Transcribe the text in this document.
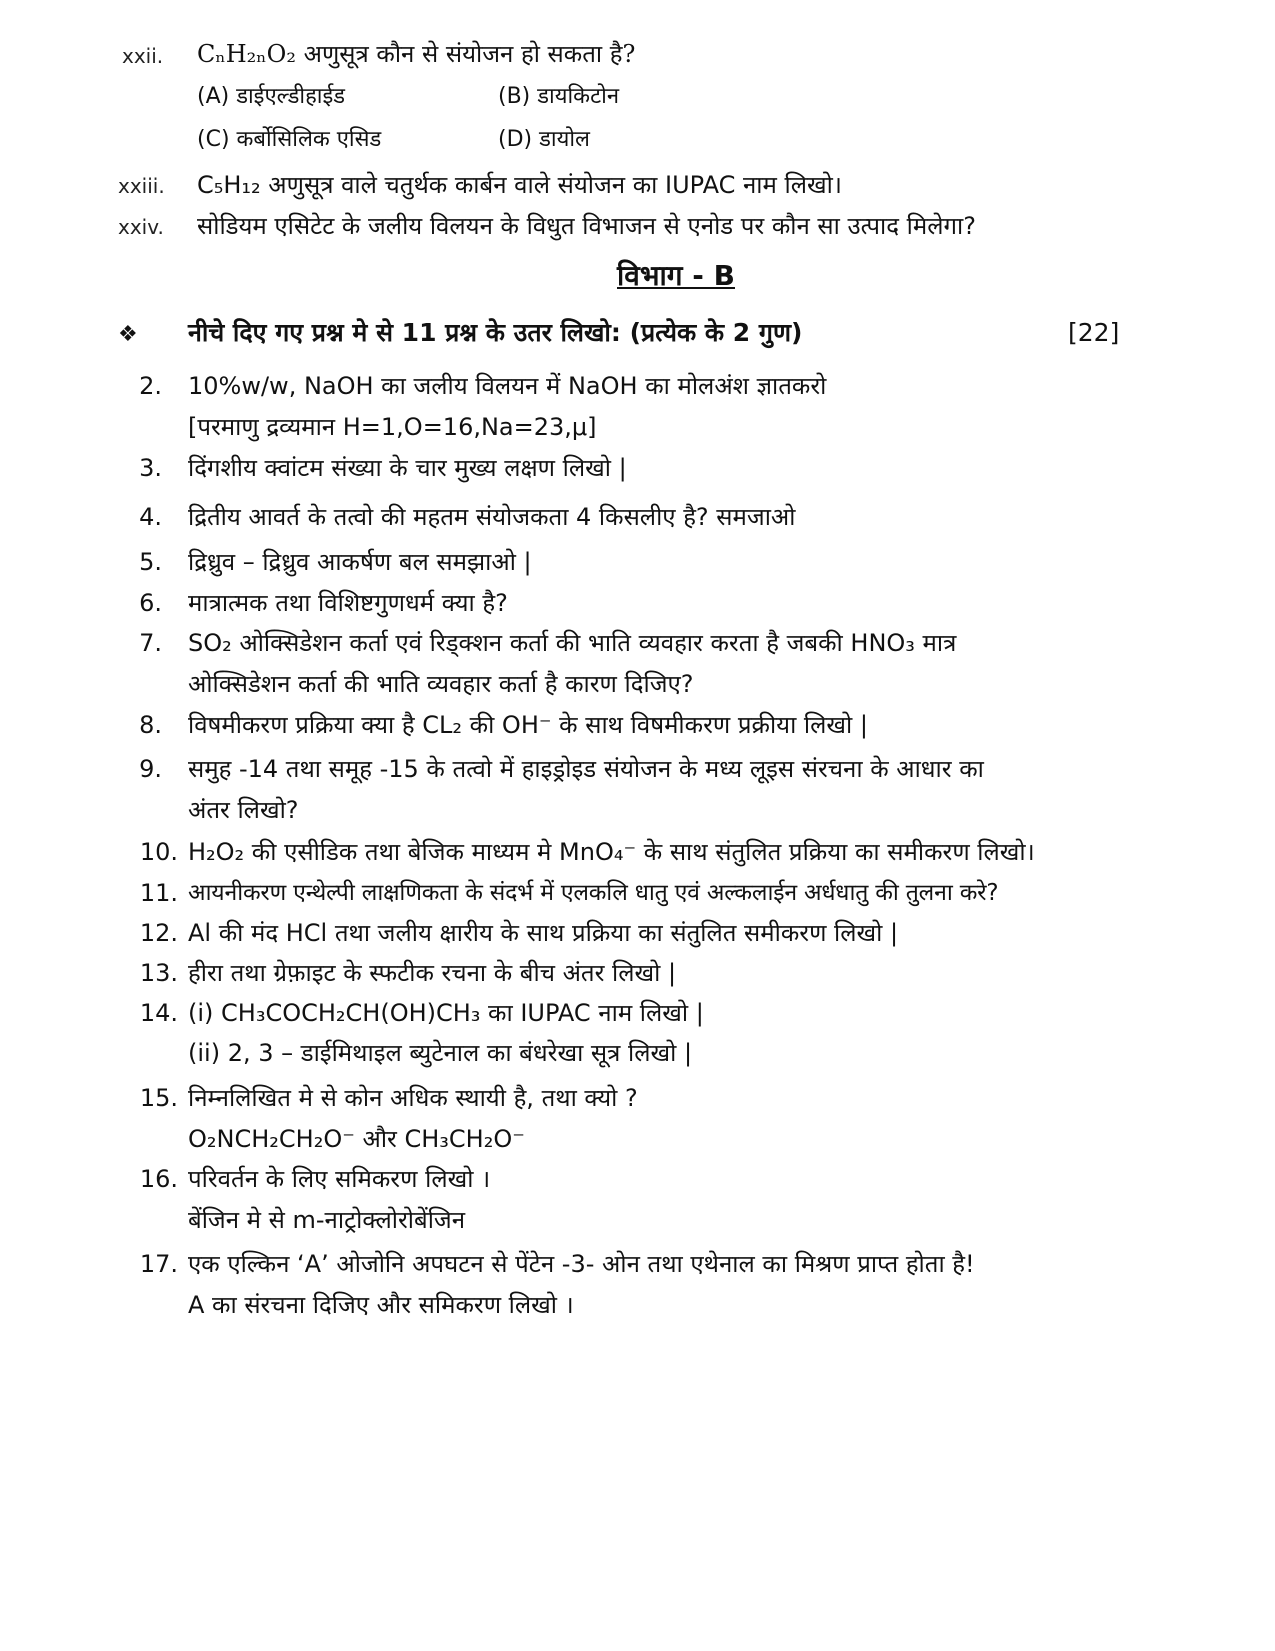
xxii. CₙH₂ₙO₂ अणुसूत्र कौन से संयोजन हो सकता है?
(A) डाईएल्डीहाईड	(B) डायकिटोन
(C) कर्बोसिलिक एसिड	(D) डायोल
xxiii. C₅H₁₂ अणुसूत्र वाले चतुर्थक कार्बन वाले संयोजन का IUPAC नाम लिखो।
xxiv. सोडियम एसिटेट के जलीय विलयन के विधुत विभाजन से एनोड पर कौन सा उत्पाद मिलेगा?
विभाग - B
❖ नीचे दिए गए प्रश्न मे से 11 प्रश्न के उतर लिखो: (प्रत्येक के 2 गुण)	[22]
2. 10%w/w, NaOH का जलीय विलयन में NaOH का मोलअंश ज्ञातकरो
[परमाणु द्रव्यमान H=1,O=16,Na=23,μ]
3. दिंगशीय क्वांटम संख्या के चार मुख्य लक्षण लिखो |
4. द्रितीय आवर्त के तत्वो की महतम संयोजकता 4 किसलीए है? समजाओ
5. द्रिध्रुव – द्रिध्रुव आकर्षण बल समझाओ |
6. मात्रात्मक तथा विशिष्टगुणधर्म क्या है?
7. SO₂ ओक्सिडेशन कर्ता एवं रिड्क्शन कर्ता की भाति व्यवहार करता है जबकी HNO₃ मात्र
ओक्सिडेशन कर्ता की भाति व्यवहार कर्ता है कारण दिजिए?
8. विषमीकरण प्रक्रिया क्या है CL₂ की OH⁻ के साथ विषमीकरण प्रक्रीया लिखो |
9. समुह -14 तथा समूह -15 के तत्वो में हाइड्रोइड संयोजन के मध्य लूइस संरचना के आधार का
अंतर लिखो?
10. H₂O₂ की एसीडिक तथा बेजिक माध्यम मे MnO₄⁻ के साथ संतुलित प्रक्रिया का समीकरण लिखो।
11. आयनीकरण एन्थेल्पी लाक्षणिकता के संदर्भ में एलकलि धातु एवं अल्कलाईन अर्धधातु की तुलना करे?
12. Al की मंद HCl तथा जलीय क्षारीय के साथ प्रक्रिया का संतुलित समीकरण लिखो |
13. हीरा तथा ग्रेफ़ाइट के स्फटीक रचना के बीच अंतर लिखो |
14. (i) CH₃COCH₂CH(OH)CH₃ का IUPAC नाम लिखो |
(ii) 2, 3 – डाईमिथाइल ब्युटेनाल का बंधरेखा सूत्र लिखो |
15. निम्नलिखित मे से कोन अधिक स्थायी है, तथा क्यो ?
O₂NCH₂CH₂O⁻ और CH₃CH₂O⁻
16. परिवर्तन के लिए समिकरण लिखो ।
बेंजिन मे से m-नाट्रोक्लोरोबेंजिन
17. एक एल्किन ‘A’ ओजोनि अपघटन से पेंटेन -3- ओन तथा एथेनाल का मिश्रण प्राप्त होता है!
A का संरचना दिजिए और समिकरण लिखो ।
